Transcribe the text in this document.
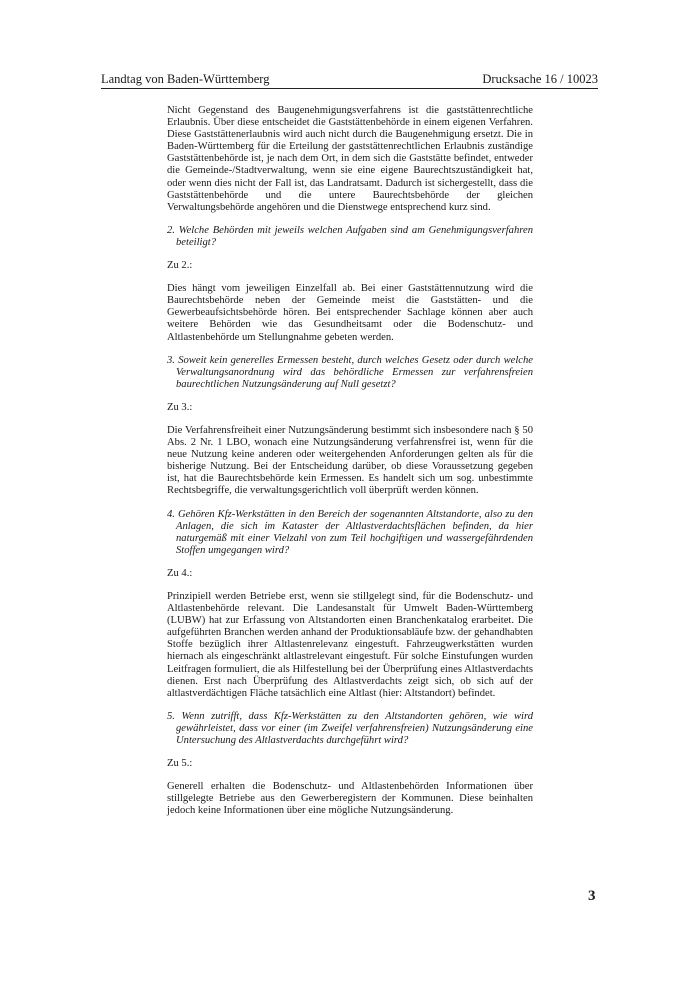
Landtag von Baden-Württemberg	Drucksache 16 / 10023

Nicht Gegenstand des Baugenehmigungsverfahrens ist die gaststättenrechtliche Erlaubnis. Über diese entscheidet die Gaststättenbehörde in einem eigenen Verfahren. Diese Gaststättenerlaubnis wird auch nicht durch die Baugenehmigung ersetzt. Die in Baden-Württemberg für die Erteilung der gaststättenrechtlichen Erlaubnis zuständige Gaststättenbehörde ist, je nach dem Ort, in dem sich die Gaststätte befindet, entweder die Gemeinde-/Stadtverwaltung, wenn sie eine eigene Baurechtszuständigkeit hat, oder wenn dies nicht der Fall ist, das Landratsamt. Dadurch ist sichergestellt, dass die Gaststättenbehörde und die untere Baurechtsbehörde der gleichen Verwaltungsbehörde angehören und die Dienstwege entsprechend kurz sind.

2. Welche Behörden mit jeweils welchen Aufgaben sind am Genehmigungsverfahren beteiligt?

Zu 2.:

Dies hängt vom jeweiligen Einzelfall ab. Bei einer Gaststättennutzung wird die Baurechtsbehörde neben der Gemeinde meist die Gaststätten- und die Gewerbeaufsichtsbehörde hören. Bei entsprechender Sachlage können aber auch weitere Behörden wie das Gesundheitsamt oder die Bodenschutz- und Altlastenbehörde um Stellungnahme gebeten werden.

3. Soweit kein generelles Ermessen besteht, durch welches Gesetz oder durch welche Verwaltungsanordnung wird das behördliche Ermessen zur verfahrensfreien baurechtlichen Nutzungsänderung auf Null gesetzt?

Zu 3.:

Die Verfahrensfreiheit einer Nutzungsänderung bestimmt sich insbesondere nach § 50 Abs. 2 Nr. 1 LBO, wonach eine Nutzungsänderung verfahrensfrei ist, wenn für die neue Nutzung keine anderen oder weitergehenden Anforderungen gelten als für die bisherige Nutzung. Bei der Entscheidung darüber, ob diese Voraussetzung gegeben ist, hat die Baurechtsbehörde kein Ermessen. Es handelt sich um sog. unbestimmte Rechtsbegriffe, die verwaltungsgerichtlich voll überprüft werden können.

4. Gehören Kfz-Werkstätten in den Bereich der sogenannten Altstandorte, also zu den Anlagen, die sich im Kataster der Altlastverdachtsflächen befinden, da hier naturgemäß mit einer Vielzahl von zum Teil hochgiftigen und wassergefährdenden Stoffen umgegangen wird?

Zu 4.:

Prinzipiell werden Betriebe erst, wenn sie stillgelegt sind, für die Bodenschutz- und Altlastenbehörde relevant. Die Landesanstalt für Umwelt Baden-Württemberg (LUBW) hat zur Erfassung von Altstandorten einen Branchenkatalog erarbeitet. Die aufgeführten Branchen werden anhand der Produktionsabläufe bzw. der gehandhabten Stoffe bezüglich ihrer Altlastenrelevanz eingestuft. Fahrzeugwerkstätten wurden hiernach als eingeschränkt altlastrelevant eingestuft. Für solche Einstufungen wurden Leitfragen formuliert, die als Hilfestellung bei der Überprüfung eines Altlastverdachts dienen. Erst nach Überprüfung des Altlastverdachts zeigt sich, ob sich auf der altlastverdächtigen Fläche tatsächlich eine Altlast (hier: Altstandort) befindet.

5. Wenn zutrifft, dass Kfz-Werkstätten zu den Altstandorten gehören, wie wird gewährleistet, dass vor einer (im Zweifel verfahrensfreien) Nutzungsänderung eine Untersuchung des Altlastverdachts durchgeführt wird?

Zu 5.:

Generell erhalten die Bodenschutz- und Altlastenbehörden Informationen über stillgelegte Betriebe aus den Gewerberegistern der Kommunen. Diese beinhalten jedoch keine Informationen über eine mögliche Nutzungsänderung.

3
